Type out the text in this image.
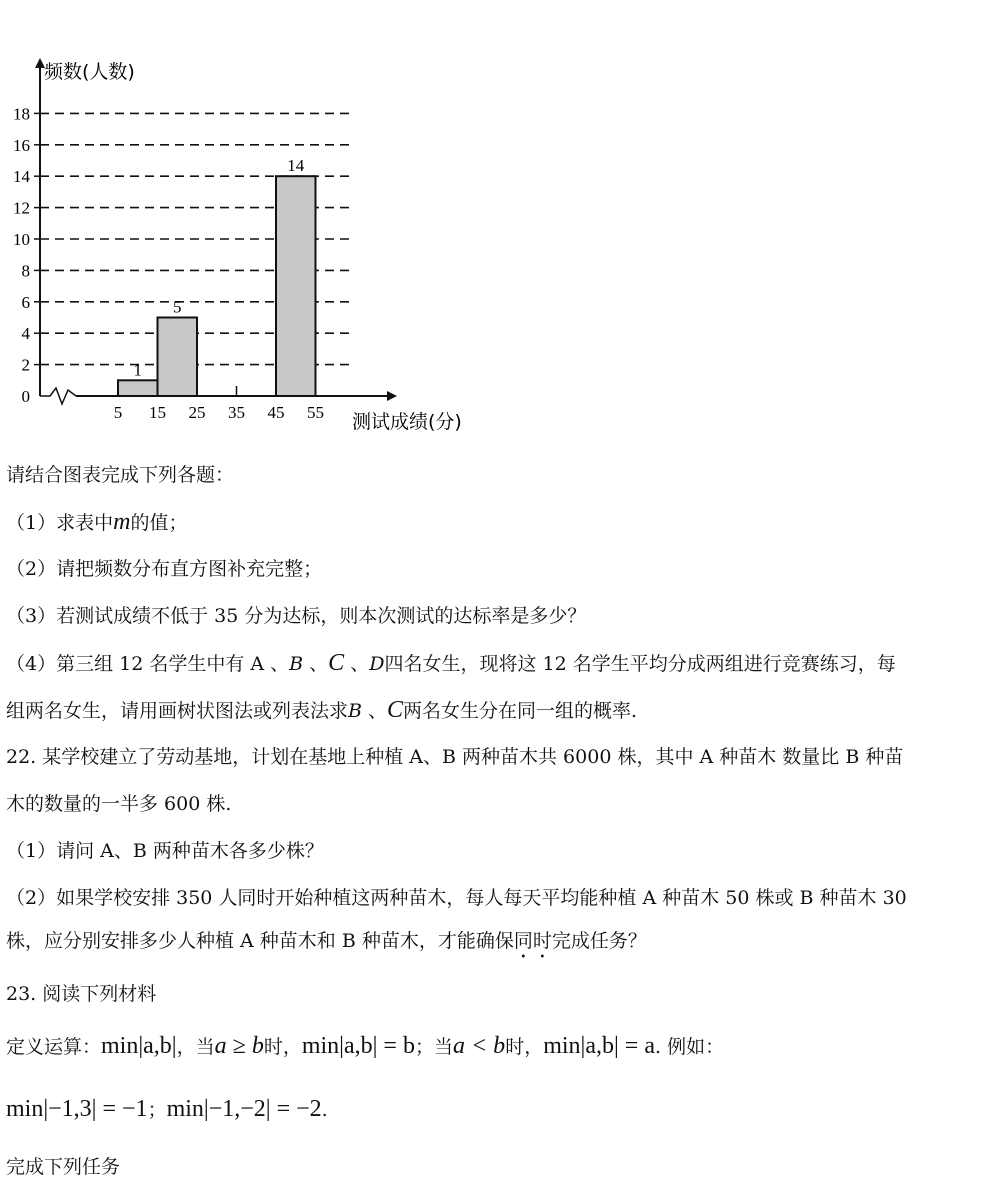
1
5
14
0
2
4
6
8
10
12
14
16
18
5 15 25 35 45 55
频数(人数)
测试成绩(分)
请结合图表完成下列各题：
（1）求表中m的值；
（2）请把频数分布直方图补充完整；
（3）若测试成绩不低于 35 分为达标，则本次测试的达标率是多少？
（4）第三组 12 名学生中有 A 、B 、C 、D四名女生，现将这 12 名学生平均分成两组进行竞赛练习，每
组两名女生，请用画树状图法或列表法求B 、C两名女生分在同一组的概率.
22. 某学校建立了劳动基地，计划在基地上种植 A、B 两种苗木共 6000 株，其中 A 种苗木 数量比 B 种苗
木的数量的一半多 600 株.
（1）请问 A、B 两种苗木各多少株？
（2）如果学校安排 350 人同时开始种植这两种苗木，每人每天平均能种植 A 种苗木 50 株或 B 种苗木 30
株，应分别安排多少人种植 A 种苗木和 B 种苗木，才能确保同时完成任务？
23. 阅读下列材料
定义运算：min|a,b|，当a ≥ b时，min|a,b| = b；当a < b时，min|a,b| = a. 例如：
min|−1,3| = −1；min|−1,−2| = −2.
完成下列任务
